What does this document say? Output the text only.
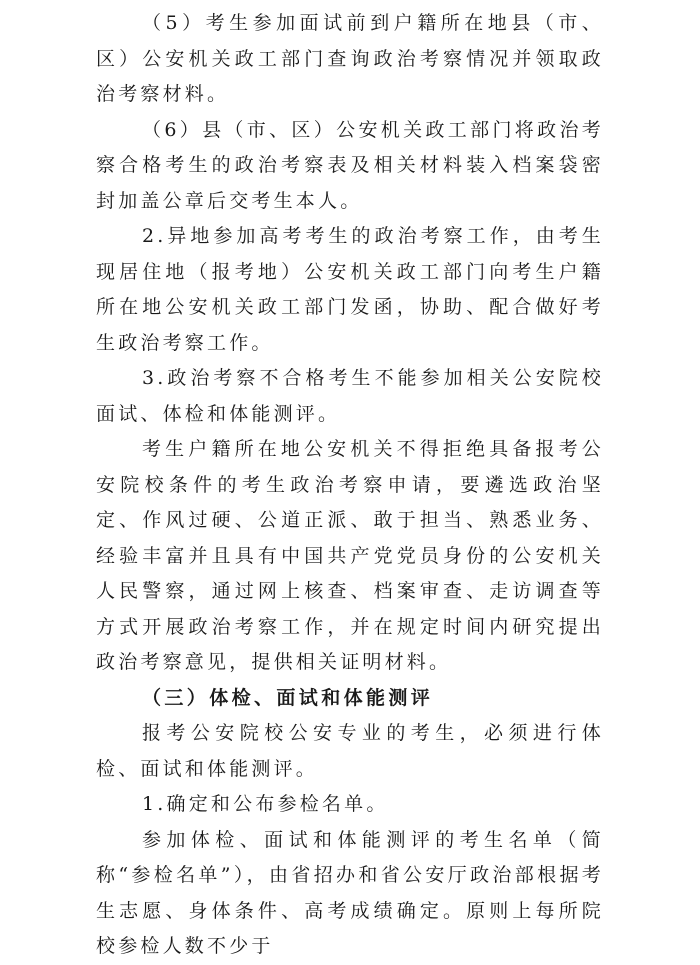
（5）考生参加面试前到户籍所在地县（市、区）公安机关政工部门查询政治考察情况并领取政治考察材料。

（6）县（市、区）公安机关政工部门将政治考察合格考生的政治考察表及相关材料装入档案袋密封加盖公章后交考生本人。

2.异地参加高考考生的政治考察工作，由考生现居住地（报考地）公安机关政工部门向考生户籍所在地公安机关政工部门发函，协助、配合做好考生政治考察工作。

3.政治考察不合格考生不能参加相关公安院校面试、体检和体能测评。

考生户籍所在地公安机关不得拒绝具备报考公安院校条件的考生政治考察申请，要遴选政治坚定、作风过硬、公道正派、敢于担当、熟悉业务、经验丰富并且具有中国共产党党员身份的公安机关人民警察，通过网上核查、档案审查、走访调查等方式开展政治考察工作，并在规定时间内研究提出政治考察意见，提供相关证明材料。

（三）体检、面试和体能测评

报考公安院校公安专业的考生，必须进行体检、面试和体能测评。

1.确定和公布参检名单。

参加体检、面试和体能测评的考生名单（简称“参检名单”），由省招办和省公安厅政治部根据考生志愿、身体条件、高考成绩确定。原则上每所院校参检人数不少于
